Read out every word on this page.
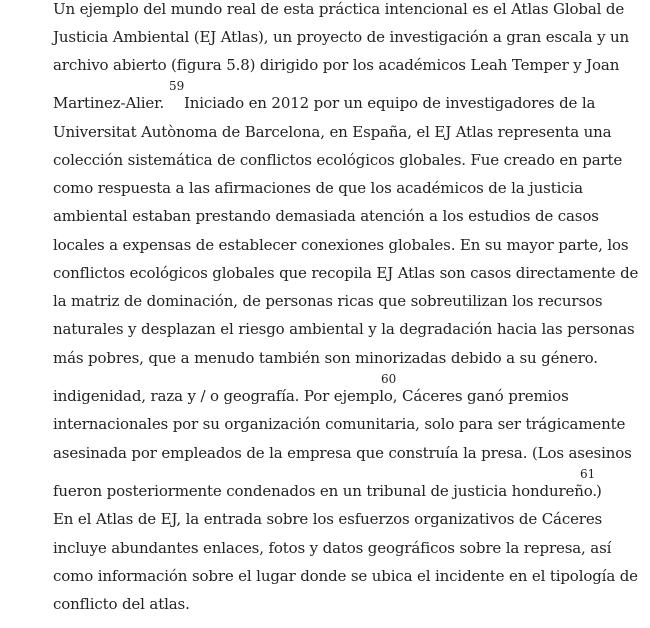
Un ejemplo del mundo real de esta práctica intencional es el Atlas Global de
Justicia Ambiental (EJ Atlas), un proyecto de investigación a gran escala y un
archivo abierto (figura 5.8) dirigido por los académicos Leah Temper y Joan
59
Martinez-Alier. Iniciado en 2012 por un equipo de investigadores de la
Universitat Autònoma de Barcelona, en España, el EJ Atlas representa una
colección sistemática de conflictos ecológicos globales. Fue creado en parte
como respuesta a las afirmaciones de que los académicos de la justicia
ambiental estaban prestando demasiada atención a los estudios de casos
locales a expensas de establecer conexiones globales. En su mayor parte, los
conflictos ecológicos globales que recopila EJ Atlas son casos directamente de
la matriz de dominación, de personas ricas que sobreutilizan los recursos
naturales y desplazan el riesgo ambiental y la degradación hacia las personas
más pobres, que a menudo también son minorizadas debido a su género.
60
indigenidad, raza y / o geografía. Por ejemplo, Cáceres ganó premios
internacionales por su organización comunitaria, solo para ser trágicamente
asesinada por empleados de la empresa que construía la presa. (Los asesinos
61
fueron posteriormente condenados en un tribunal de justicia hondureño.
)
En el Atlas de EJ, la entrada sobre los esfuerzos organizativos de Cáceres
incluye abundantes enlaces, fotos y datos geográficos sobre la represa, así
como información sobre el lugar donde se ubica el incidente en el tipología de
conflicto del atlas.
